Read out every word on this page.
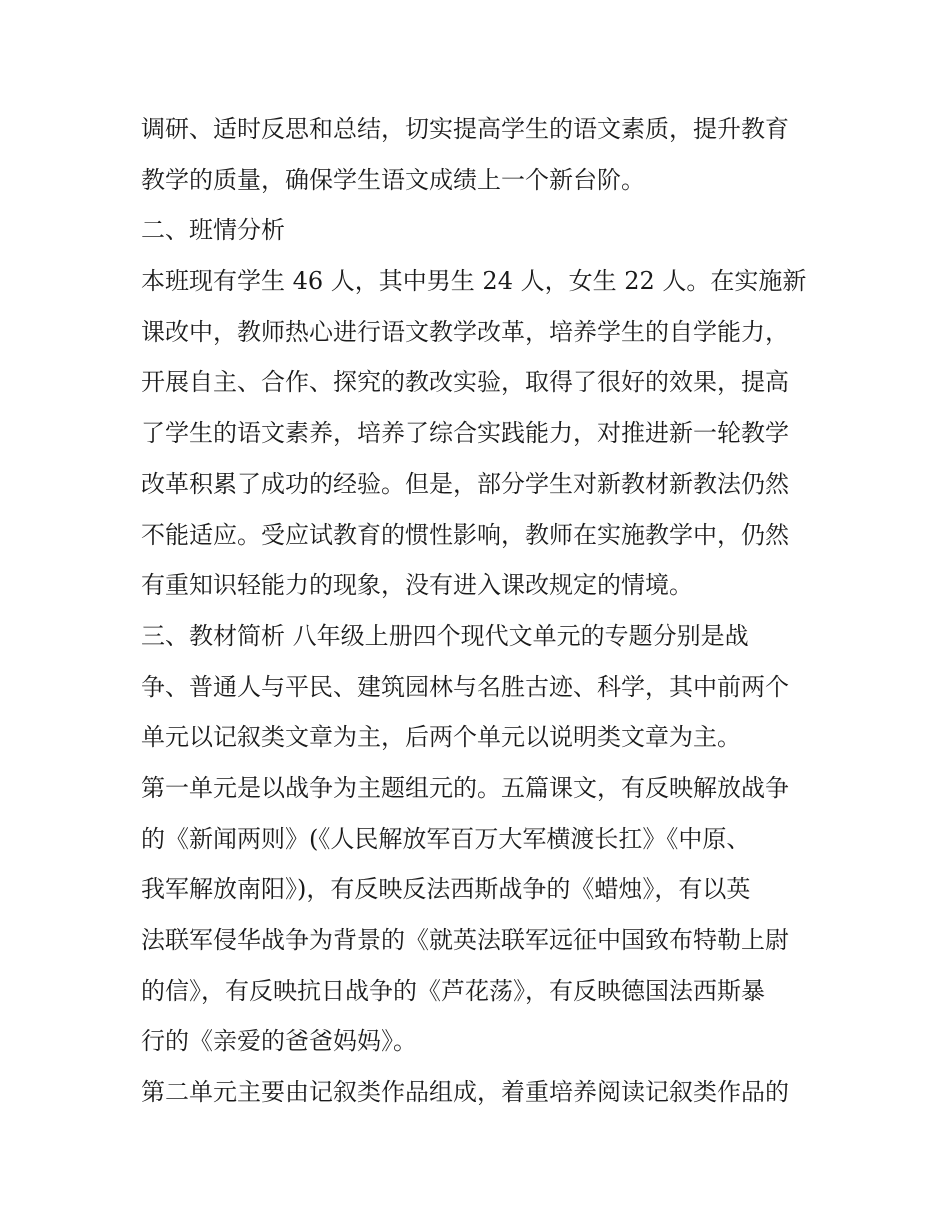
调研、适时反思和总结，切实提高学生的语文素质，提升教育
教学的质量，确保学生语文成绩上一个新台阶。
二、班情分析
本班现有学生 46 人，其中男生 24 人，女生 22 人。在实施新
课改中，教师热心进行语文教学改革，培养学生的自学能力，
开展自主、合作、探究的教改实验，取得了很好的效果，提高
了学生的语文素养，培养了综合实践能力，对推进新一轮教学
改革积累了成功的经验。但是，部分学生对新教材新教法仍然
不能适应。受应试教育的惯性影响，教师在实施教学中，仍然
有重知识轻能力的现象，没有进入课改规定的情境。
三、教材简析 八年级上册四个现代文单元的专题分别是战
争、普通人与平民、建筑园林与名胜古迹、科学，其中前两个
单元以记叙类文章为主，后两个单元以说明类文章为主。
第一单元是以战争为主题组元的。五篇课文，有反映解放战争
的《新闻两则》(《人民解放军百万大军横渡长扛》《中原、
我军解放南阳》)，有反映反法西斯战争的《蜡烛》，有以英
法联军侵华战争为背景的《就英法联军远征中国致布特勒上尉
的信》，有反映抗日战争的《芦花荡》，有反映德国法西斯暴
行的《亲爱的爸爸妈妈》。
第二单元主要由记叙类作品组成，着重培养阅读记叙类作品的
